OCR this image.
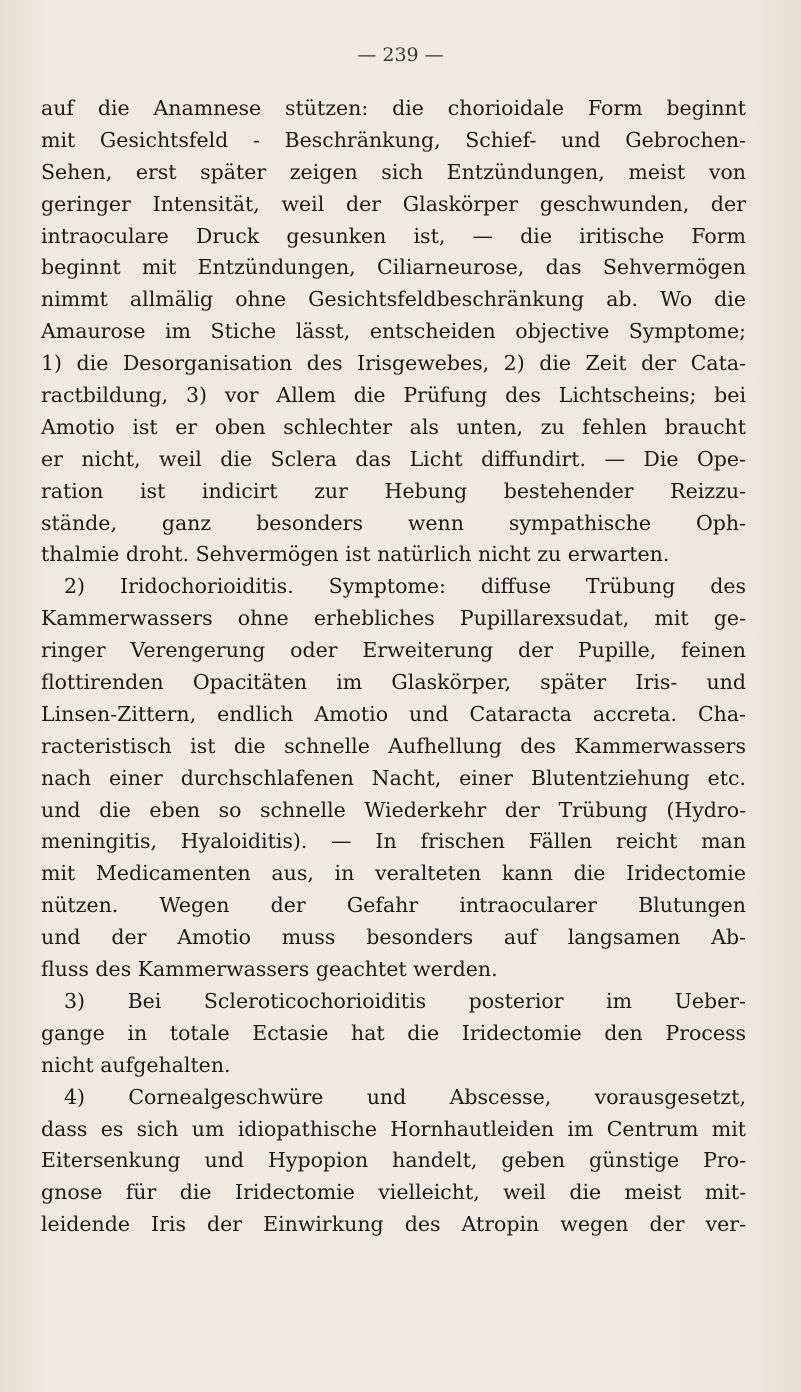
— 239 —
auf die Anamnese stützen: die chorioidale Form beginnt
mit Gesichtsfeld - Beschränkung, Schief- und Gebrochen-
Sehen, erst später zeigen sich Entzündungen, meist von
geringer Intensität, weil der Glaskörper geschwunden, der
intraoculare Druck gesunken ist, — die iritische Form
beginnt mit Entzündungen, Ciliarneurose, das Sehvermögen
nimmt allmälig ohne Gesichtsfeldbeschränkung ab. Wo die
Amaurose im Stiche lässt, entscheiden objective Symptome;
1) die Desorganisation des Irisgewebes, 2) die Zeit der Cata-
ractbildung, 3) vor Allem die Prüfung des Lichtscheins; bei
Amotio ist er oben schlechter als unten, zu fehlen braucht
er nicht, weil die Sclera das Licht diffundirt. — Die Ope-
ration ist indicirt zur Hebung bestehender Reizzu-
stände, ganz besonders wenn sympathische Oph-
thalmie droht. Sehvermögen ist natürlich nicht zu erwarten.
2) Iridochorioiditis. Symptome: diffuse Trübung des
Kammerwassers ohne erhebliches Pupillarexsudat, mit ge-
ringer Verengerung oder Erweiterung der Pupille, feinen
flottirenden Opacitäten im Glaskörper, später Iris- und
Linsen-Zittern, endlich Amotio und Cataracta accreta. Cha-
racteristisch ist die schnelle Aufhellung des Kammerwassers
nach einer durchschlafenen Nacht, einer Blutentziehung etc.
und die eben so schnelle Wiederkehr der Trübung (Hydro-
meningitis, Hyaloiditis). — In frischen Fällen reicht man
mit Medicamenten aus, in veralteten kann die Iridectomie
nützen. Wegen der Gefahr intraocularer Blutungen
und der Amotio muss besonders auf langsamen Ab-
fluss des Kammerwassers geachtet werden.
3) Bei Scleroticochorioiditis posterior im Ueber-
gange in totale Ectasie hat die Iridectomie den Process
nicht aufgehalten.
4) Cornealgeschwüre und Abscesse, vorausgesetzt,
dass es sich um idiopathische Hornhautleiden im Centrum mit
Eitersenkung und Hypopion handelt, geben günstige Pro-
gnose für die Iridectomie vielleicht, weil die meist mit-
leidende Iris der Einwirkung des Atropin wegen der ver-
